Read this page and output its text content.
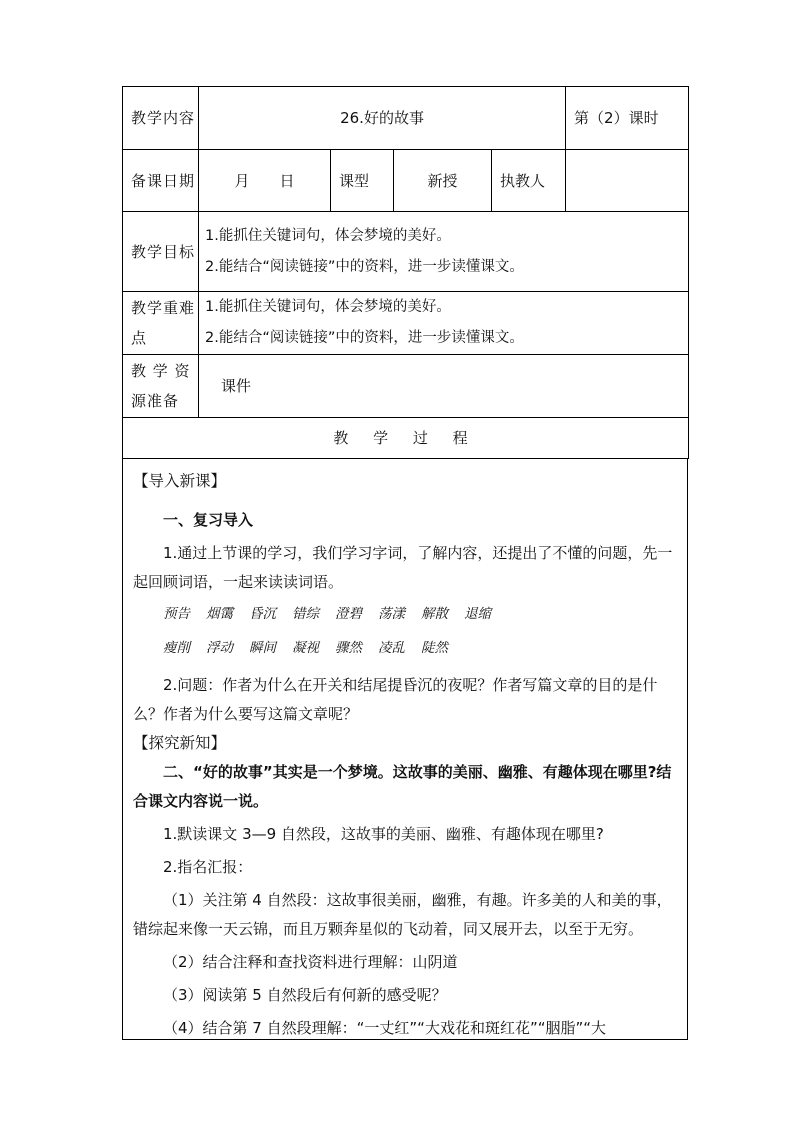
教学内容	26.好的故事				第（2）课时
备课日期	月　　日	课型	新授	执教人	
教学目标	1.能抓住关键词句，体会梦境的美好。
2.能结合“阅读链接”中的资料，进一步读懂课文。				

教学重难点	1.能抓住关键词句，体会梦境的美好。
2.能结合“阅读链接”中的资料，进一步读懂课文。				

教 学 资源准备	课件				
教 学 过 程					
【导入新课】
一、复习导入

1.通过上节课的学习，我们学习字词，了解内容，还提出了不懂的问题，先一起回顾词语，一起来读读词语。

预告 烟霭 昏沉 错综 澄碧 荡漾 解散 退缩
瘦削 浮动 瞬间 凝视 骤然 凌乱 陡然

2.问题：作者为什么在开关和结尾提昏沉的夜呢？作者写篇文章的目的是什么？作者为什么要写这篇文章呢？

【探究新知】

二、“好的故事”其实是一个梦境。这故事的美丽、幽雅、有趣体现在哪里?结合课文内容说一说。

1.默读课文 3—9 自然段，这故事的美丽、幽雅、有趣体现在哪里?

2.指名汇报：

（1）关注第 4 自然段：这故事很美丽，幽雅，有趣。许多美的人和美的事，错综起来像一天云锦，而且万颗奔星似的飞动着，同又展开去，以至于无穷。

（2）结合注释和查找资料进行理解：山阴道

（3）阅读第 5 自然段后有何新的感受呢？

（4）结合第 7 自然段理解：“一丈红”“大戏花和斑红花”“胭脂”“大
